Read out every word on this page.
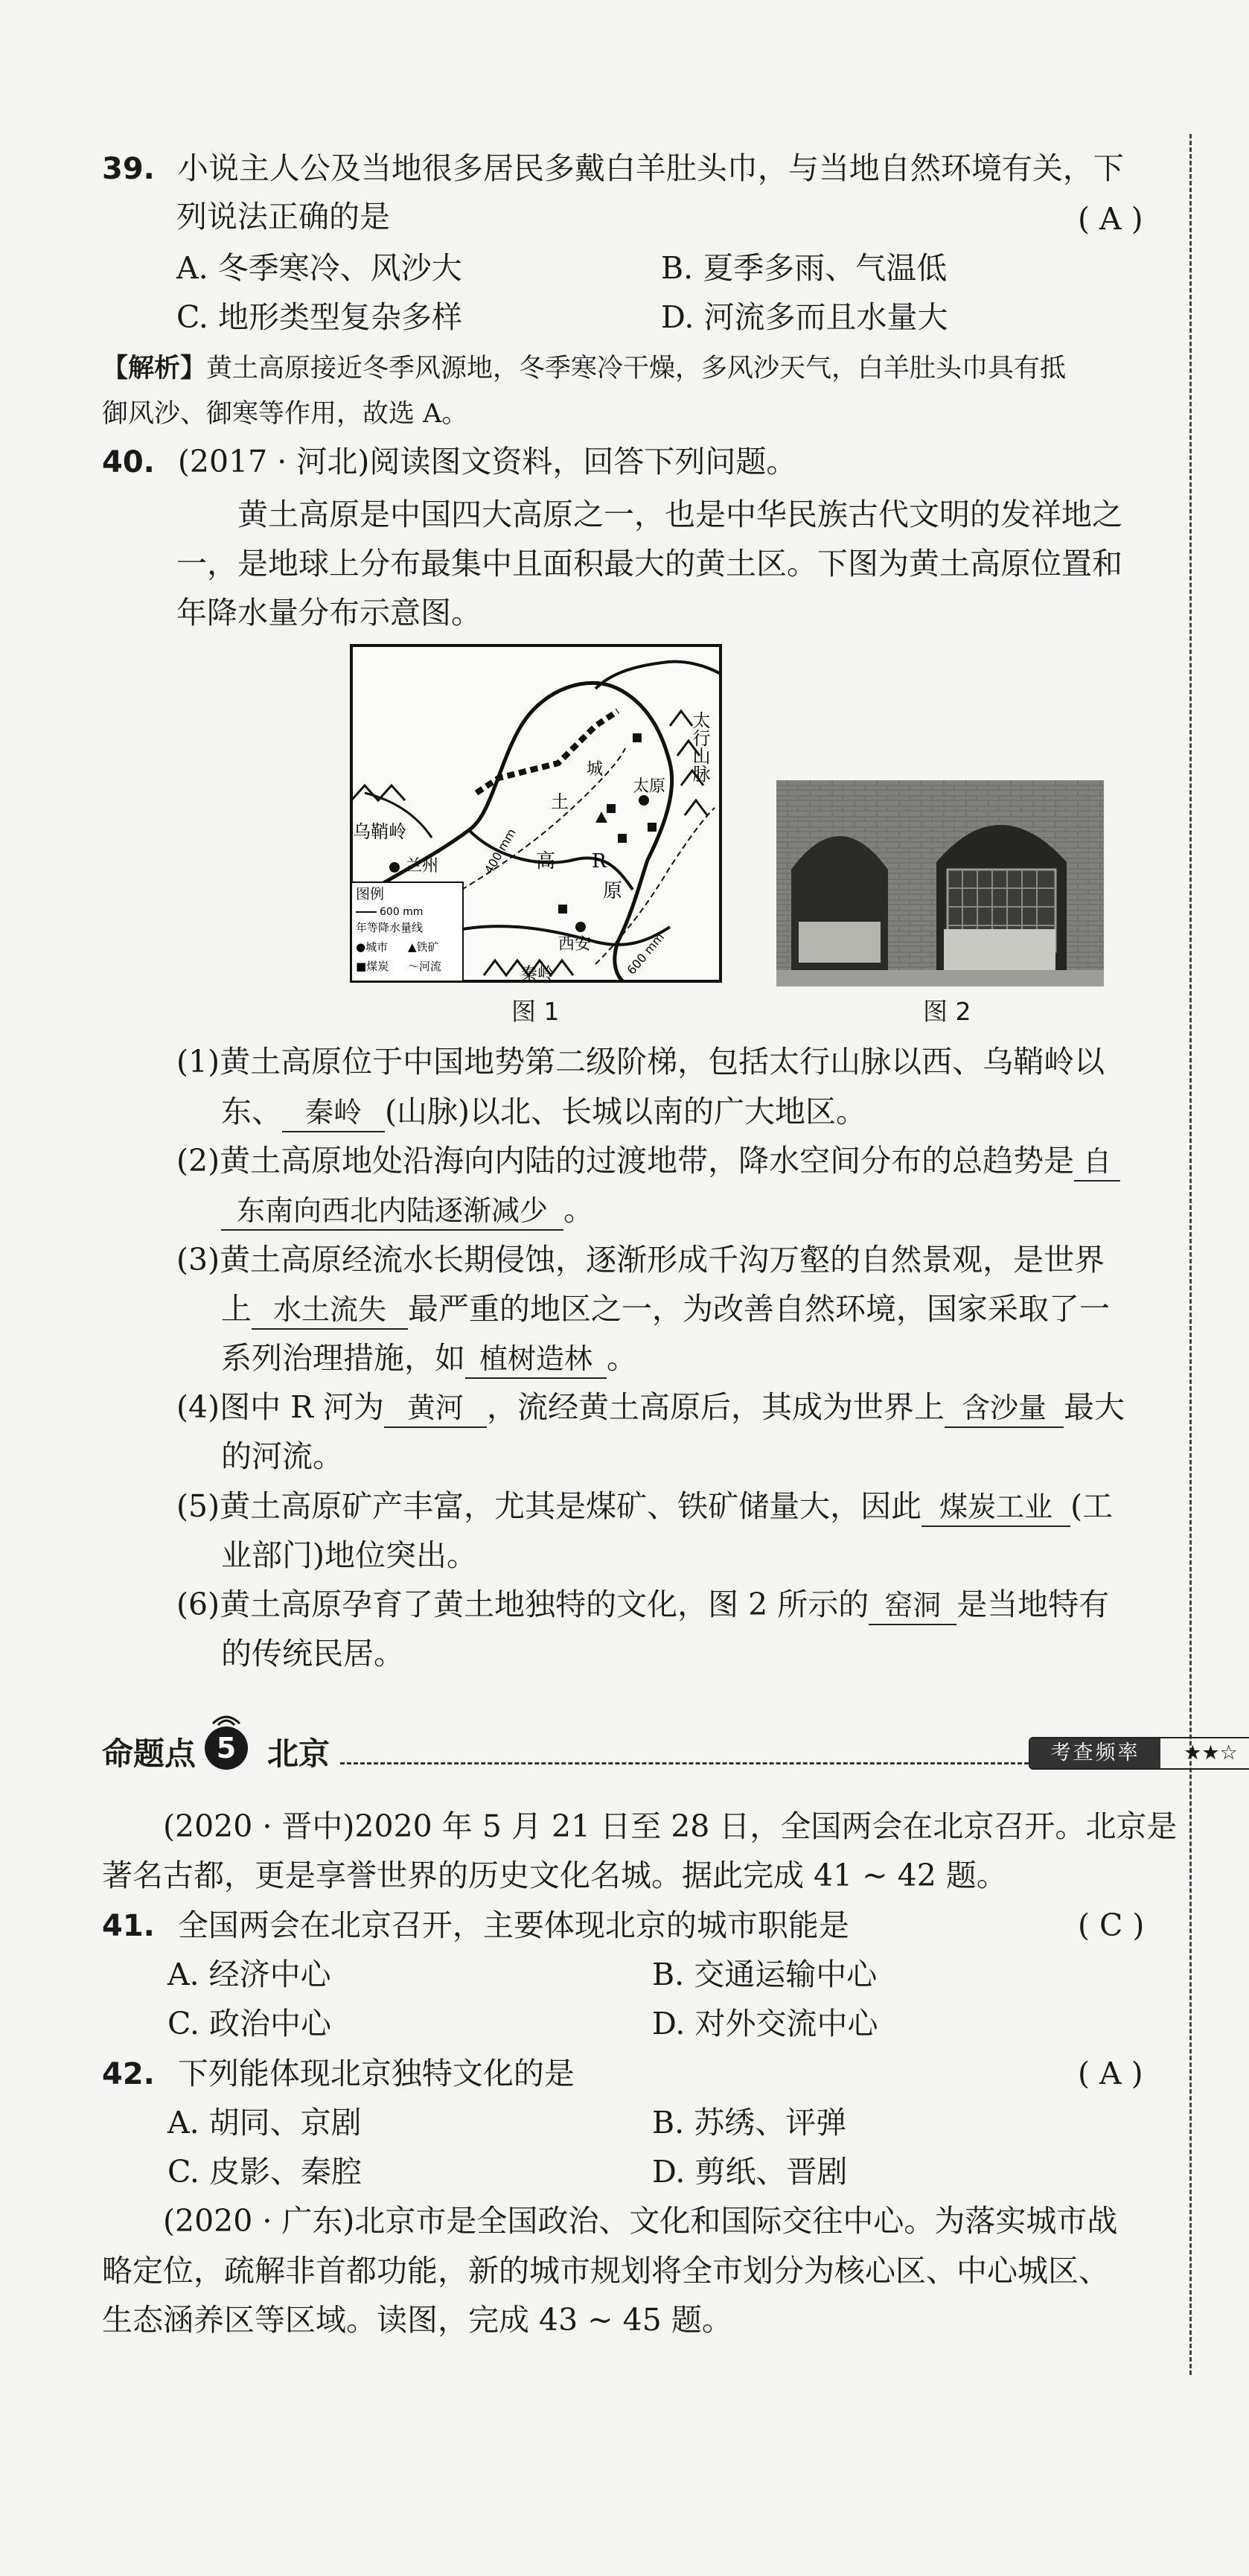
39. 小说主人公及当地很多居民多戴白羊肚头巾，与当地自然环境有关，下
列说法正确的是	( A )
A. 冬季寒冷、风沙大	B. 夏季多雨、气温低
C. 地形类型复杂多样	D. 河流多而且水量大
【解析】黄土高原接近冬季风源地，冬季寒冷干燥，多风沙天气，白羊肚头巾具有抵
御风沙、御寒等作用，故选 A。
40. (2017 · 河北)阅读图文资料，回答下列问题。
黄土高原是中国四大高原之一，也是中华民族古代文明的发祥地之
一，是地球上分布最集中且面积最大的黄土区。下图为黄土高原位置和
年降水量分布示意图。
乌鞘岭
兰州	高
原
土
R
西安
秦岭
城
太原
太行山脉
400 mm
600 mm
图例
600 mm
年等降水量线
●城市 ▲铁矿
■煤炭 ～河流
图 1	图 2
(1)黄土高原位于中国地势第二级阶梯，包括太行山脉以西、乌鞘岭以
东、 秦岭 (山脉)以北、长城以南的广大地区。
(2)黄土高原地处沿海向内陆的过渡地带，降水空间分布的总趋势是 自
东南向西北内陆逐渐减少 。
(3)黄土高原经流水长期侵蚀，逐渐形成千沟万壑的自然景观，是世界
上 水土流失 最严重的地区之一，为改善自然环境，国家采取了一
系列治理措施，如 植树造林 。
(4)图中 R 河为 黄河 ，流经黄土高原后，其成为世界上 含沙量 最大
的河流。
(5)黄土高原矿产丰富，尤其是煤矿、铁矿储量大，因此 煤炭工业 (工
业部门)地位突出。
(6)黄土高原孕育了黄土地独特的文化，图 2 所示的 窑洞 是当地特有
的传统民居。
命题点 5 北京	考查频率	★★☆
(2020 · 晋中)2020 年 5 月 21 日至 28 日，全国两会在北京召开。北京是
著名古都，更是享誉世界的历史文化名城。据此完成 41 ~ 42 题。
41. 全国两会在北京召开，主要体现北京的城市职能是	( C )
A. 经济中心	B. 交通运输中心
C. 政治中心	D. 对外交流中心
42. 下列能体现北京独特文化的是	( A )
A. 胡同、京剧	B. 苏绣、评弹
C. 皮影、秦腔	D. 剪纸、晋剧
(2020 · 广东)北京市是全国政治、文化和国际交往中心。为落实城市战
略定位，疏解非首都功能，新的城市规划将全市划分为核心区、中心城区、
生态涵养区等区域。读图，完成 43 ~ 45 题。
